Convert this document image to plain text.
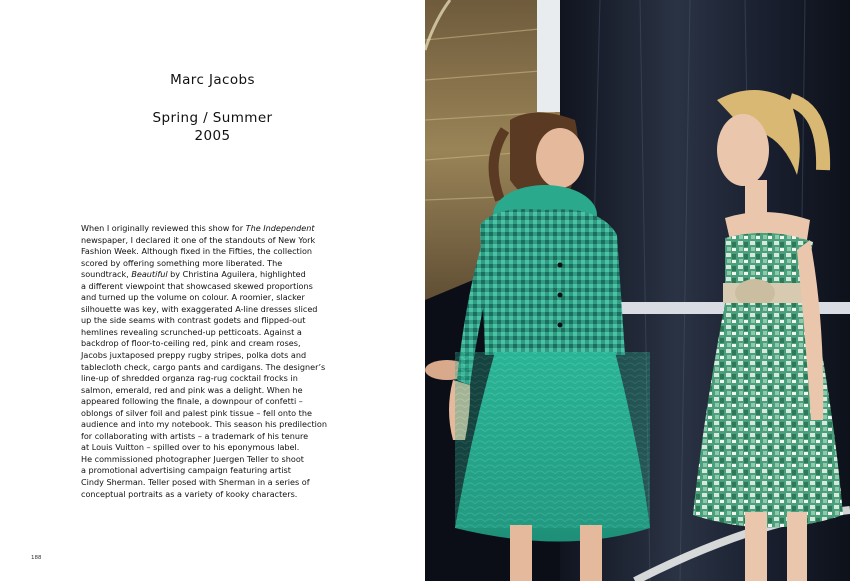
Marc Jacobs
Spring / Summer
2005
When I originally reviewed this show for The Independent
newspaper, I declared it one of the standouts of New York
Fashion Week. Although fixed in the Fifties, the collection
scored by offering something more liberated. The
soundtrack, Beautiful by Christina Aguilera, highlighted
a different viewpoint that showcased skewed proportions
and turned up the volume on colour. A roomier, slacker
silhouette was key, with exaggerated A-line dresses sliced
up the side seams with contrast godets and flipped-out
hemlines revealing scrunched-up petticoats. Against a
backdrop of floor-to-ceiling red, pink and cream roses,
Jacobs juxtaposed preppy rugby stripes, polka dots and
tablecloth check, cargo pants and cardigans. The designer’s
line-up of shredded organza rag-rug cocktail frocks in
salmon, emerald, red and pink was a delight. When he
appeared following the finale, a downpour of confetti –
oblongs of silver foil and palest pink tissue – fell onto the
audience and into my notebook. This season his predilection
for collaborating with artists – a trademark of his tenure
at Louis Vuitton – spilled over to his eponymous label.
He commissioned photographer Juergen Teller to shoot
a promotional advertising campaign featuring artist
Cindy Sherman. Teller posed with Sherman in a series of
conceptual portraits as a variety of kooky characters.
188
